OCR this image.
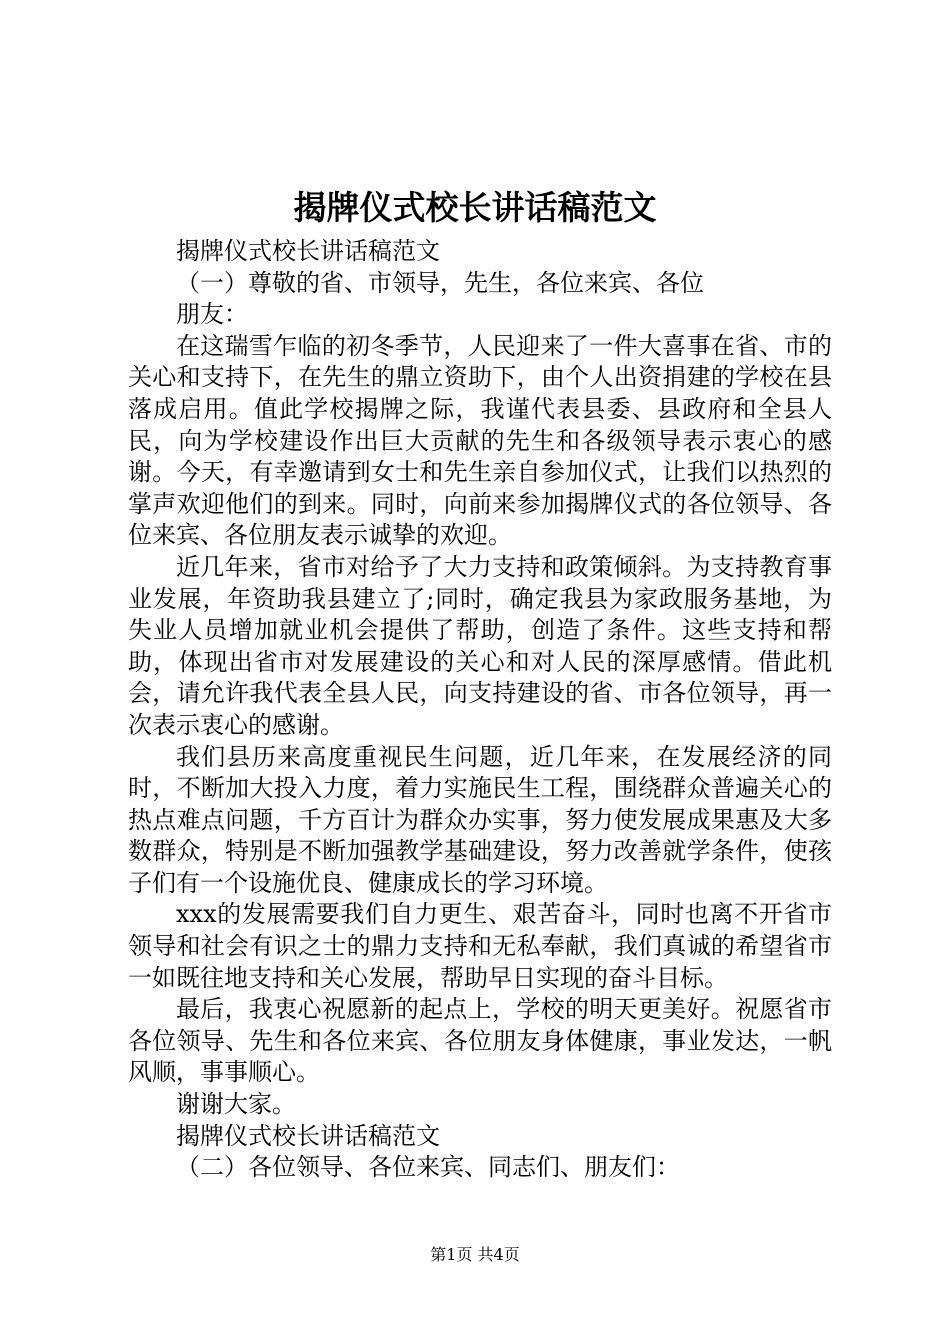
揭牌仪式校长讲话稿范文

揭牌仪式校长讲话稿范文

（一）尊敬的省、市领导，先生，各位来宾、各位

朋友：

在这瑞雪乍临的初冬季节，人民迎来了一件大喜事在省、市的关心和支持下，在先生的鼎立资助下，由个人出资捐建的学校在县落成启用。值此学校揭牌之际，我谨代表县委、县政府和全县人民，向为学校建设作出巨大贡献的先生和各级领导表示衷心的感谢。今天，有幸邀请到女士和先生亲自参加仪式，让我们以热烈的掌声欢迎他们的到来。同时，向前来参加揭牌仪式的各位领导、各位来宾、各位朋友表示诚挚的欢迎。

近几年来，省市对给予了大力支持和政策倾斜。为支持教育事业发展，年资助我县建立了;同时，确定我县为家政服务基地，为失业人员增加就业机会提供了帮助，创造了条件。这些支持和帮助，体现出省市对发展建设的关心和对人民的深厚感情。借此机会，请允许我代表全县人民，向支持建设的省、市各位领导，再一次表示衷心的感谢。

我们县历来高度重视民生问题，近几年来，在发展经济的同时，不断加大投入力度，着力实施民生工程，围绕群众普遍关心的热点难点问题，千方百计为群众办实事，努力使发展成果惠及大多数群众，特别是不断加强教学基础建设，努力改善就学条件，使孩子们有一个设施优良、健康成长的学习环境。

xxx的发展需要我们自力更生、艰苦奋斗，同时也离不开省市领导和社会有识之士的鼎力支持和无私奉献，我们真诚的希望省市一如既往地支持和关心发展，帮助早日实现的奋斗目标。

最后，我衷心祝愿新的起点上，学校的明天更美好。祝愿省市各位领导、先生和各位来宾、各位朋友身体健康，事业发达，一帆风顺，事事顺心。

谢谢大家。

揭牌仪式校长讲话稿范文

（二）各位领导、各位来宾、同志们、朋友们：

第1页 共4页
